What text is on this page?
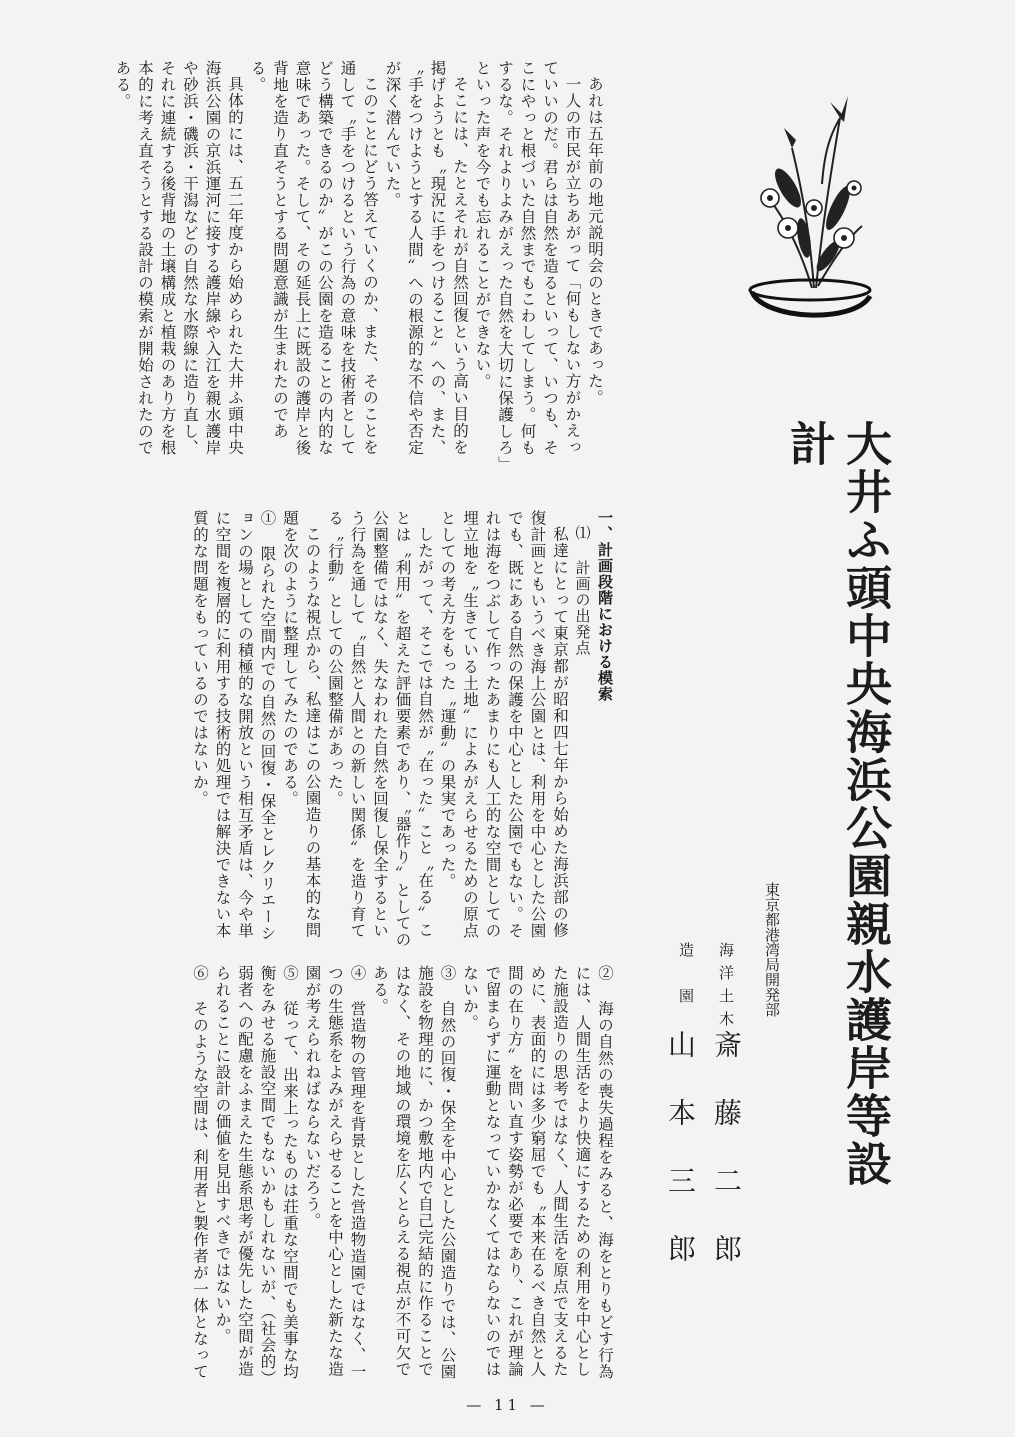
大井ふ頭中央海浜公園親水護岸等設計
東京都港湾局開発部
海洋土木
斎藤二郎
造　園
山本三郎

あれは五年前の地元説明会のときであった。

一人の市民が立ちあがって「何もしない方がかえっていいのだ。君らは自然を造るといって、いつも、そこにやっと根づいた自然までもこわしてしまう。何もするな。それよりよみがえった自然を大切に保護しろ」といった声を今でも忘れることができない。

そこには、たとえそれが自然回復という高い目的を掲げようとも〝現況に手をつけること〟への、また、〝手をつけようとする人間〟への根源的な不信や否定が深く潜んでいた。

このことにどう答えていくのか、また、そのことを通して〝手をつけるという行為の意味を技術者としてどう構築できるのか〟がこの公園を造ることの内的な意味であった。そして、その延長上に既設の護岸と後背地を造り直そうとする問題意識が生まれたのである。

具体的には、五二年度から始められた大井ふ頭中央海浜公園の京浜運河に接する護岸線や入江を親水護岸や砂浜・磯浜・干潟などの自然な水際線に造り直し、それに連続する後背地の土壌構成と植栽のあり方を根本的に考え直そうとする設計の模索が開始されたのである。

一、計画段階における模索

⑴ 計画の出発点

私達にとって東京都が昭和四七年から始めた海浜部の修復計画ともいうべき海上公園とは、利用を中心とした公園でも、既にある自然の保護を中心とした公園でもない。それは海をつぶして作ったあまりにも人工的な空間としての埋立地を〝生きている土地〟によみがえらせるための原点としての考え方をもった〝運動〟の果実であった。

したがって、そこでは自然が〝在った〟こと〝在る〟ことは〝利用〟を超えた評価要素であり、〝器作り〟としての公園整備ではなく、失なわれた自然を回復し保全するという行為を通して〝自然と人間との新しい関係〟を造り育てる〝行動〟としての公園整備があった。

このような視点から、私達はこの公園造りの基本的な問題を次のように整理してみたのである。

① 限られた空間内での自然の回復・保全とレクリエーションの場としての積極的な開放という相互矛盾は、今や単に空間を複層的に利用する技術的処理では解決できない本質的な問題をもっているのではないか。

② 海の自然の喪失過程をみると、海をとりもどす行為には、人間生活をより快適にするための利用を中心とした施設造りの思考ではなく、人間生活を原点で支えるために、表面的には多少窮屈でも〝本来在るべき自然と人間の在り方〟を問い直す姿勢が必要であり、これが理論で留まらずに運動となっていかなくてはならないのではないか。

③ 自然の回復・保全を中心とした公園造りでは、公園施設を物理的に、かつ敷地内で自己完結的に作ることではなく、その地域の環境を広くとらえる視点が不可欠である。

④ 営造物の管理を背景とした営造物造園ではなく、一つの生態系をよみがえらせることを中心とした新たな造園が考えられねばならないだろう。

⑤ 従って、出来上ったものは荘重な空間でも美事な均衡をみせる施設空間でもないかもしれないが、（社会的）弱者への配慮をふまえた生態系思考が優先した空間が造られることに設計の価値を見出すべきではないか。

⑥ そのような空間は、利用者と製作者が一体となって

— 11 —
